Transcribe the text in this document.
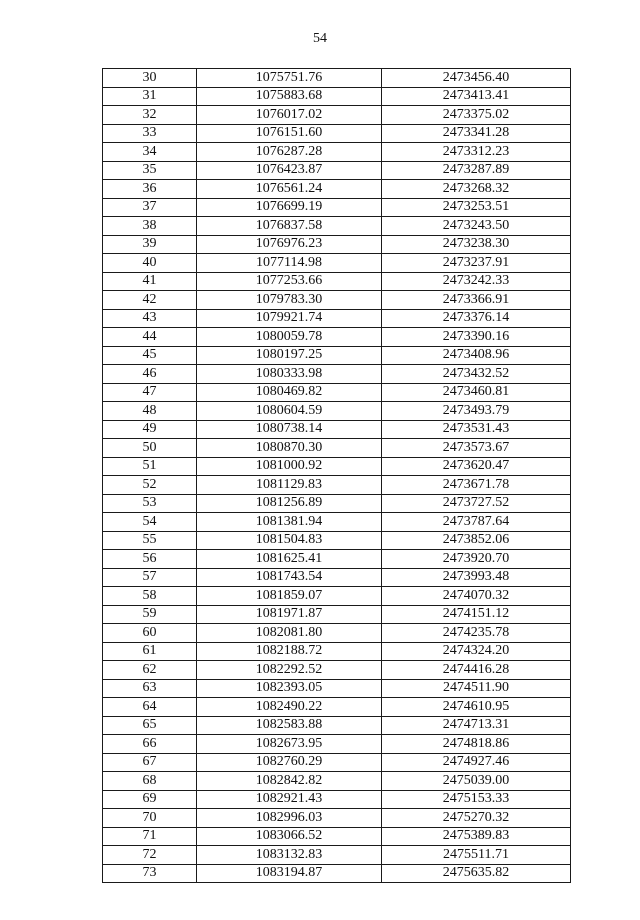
54
30	1075751.76	2473456.40
31	1075883.68	2473413.41
32	1076017.02	2473375.02
33	1076151.60	2473341.28
34	1076287.28	2473312.23
35	1076423.87	2473287.89
36	1076561.24	2473268.32
37	1076699.19	2473253.51
38	1076837.58	2473243.50
39	1076976.23	2473238.30
40	1077114.98	2473237.91
41	1077253.66	2473242.33
42	1079783.30	2473366.91
43	1079921.74	2473376.14
44	1080059.78	2473390.16
45	1080197.25	2473408.96
46	1080333.98	2473432.52
47	1080469.82	2473460.81
48	1080604.59	2473493.79
49	1080738.14	2473531.43
50	1080870.30	2473573.67
51	1081000.92	2473620.47
52	1081129.83	2473671.78
53	1081256.89	2473727.52
54	1081381.94	2473787.64
55	1081504.83	2473852.06
56	1081625.41	2473920.70
57	1081743.54	2473993.48
58	1081859.07	2474070.32
59	1081971.87	2474151.12
60	1082081.80	2474235.78
61	1082188.72	2474324.20
62	1082292.52	2474416.28
63	1082393.05	2474511.90
64	1082490.22	2474610.95
65	1082583.88	2474713.31
66	1082673.95	2474818.86
67	1082760.29	2474927.46
68	1082842.82	2475039.00
69	1082921.43	2475153.33
70	1082996.03	2475270.32
71	1083066.52	2475389.83
72	1083132.83	2475511.71
73	1083194.87	2475635.82
